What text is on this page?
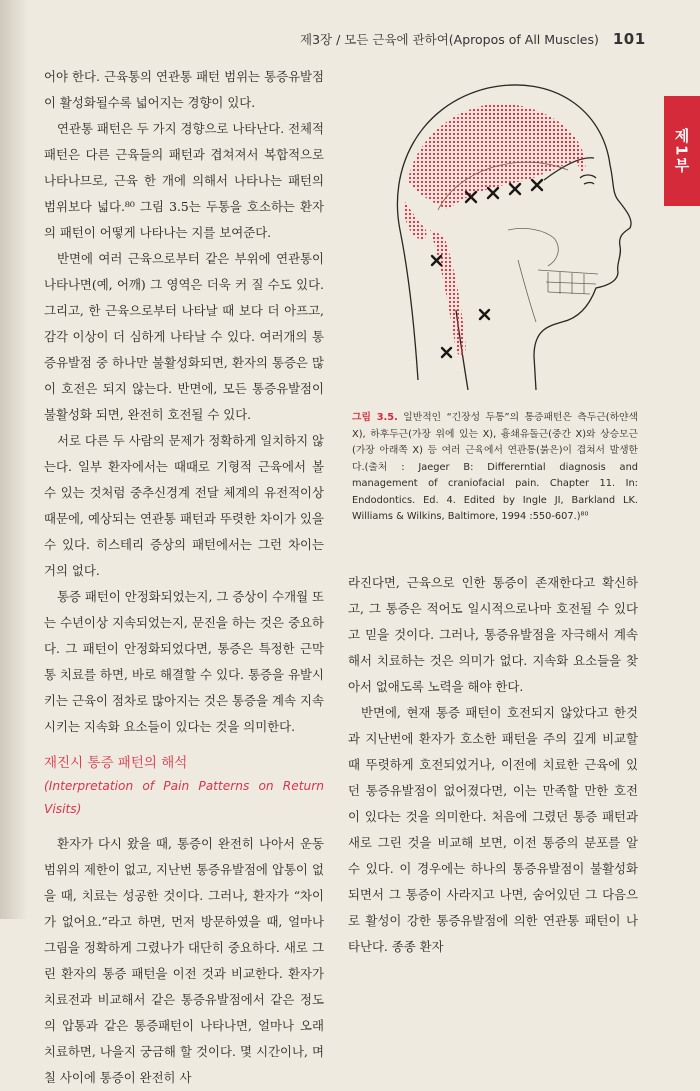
제3장 / 모든 근육에 관하여(Apropos of All Muscles) 101
제1부

어야 한다. 근육통의 연관통 패턴 범위는 통증유발점이 활성화될수록 넓어지는 경향이 있다.

연관통 패턴은 두 가지 경향으로 나타난다. 전체적 패턴은 다른 근육들의 패턴과 겹쳐져서 복합적으로 나타나므로, 근육 한 개에 의해서 나타나는 패턴의 범위보다 넓다.⁸⁰ 그림 3.5는 두통을 호소하는 환자의 패턴이 어떻게 나타나는 지를 보여준다.

반면에 여러 근육으로부터 같은 부위에 연관통이 나타나면(예, 어깨) 그 영역은 더욱 커 질 수도 있다. 그리고, 한 근육으로부터 나타날 때 보다 더 아프고, 감각 이상이 더 심하게 나타날 수 있다. 여러개의 통증유발점 중 하나만 불활성화되면, 환자의 통증은 많이 호전은 되지 않는다. 반면에, 모든 통증유발점이 불활성화 되면, 완전히 호전될 수 있다.

서로 다른 두 사람의 문제가 정확하게 일치하지 않는다. 일부 환자에서는 때때로 기형적 근육에서 볼 수 있는 것처럼 중추신경계 전달 체계의 유전적이상 때문에, 예상되는 연관통 패턴과 뚜렷한 차이가 있을 수 있다. 히스테리 증상의 패턴에서는 그런 차이는 거의 없다.

통증 패턴이 안정화되었는지, 그 증상이 수개월 또는 수년이상 지속되었는지, 문진을 하는 것은 중요하다. 그 패턴이 안정화되었다면, 통증은 특정한 근막통 치료를 하면, 바로 해결할 수 있다. 통증을 유발시키는 근육이 점차로 많아지는 것은 통증을 계속 지속시키는 지속화 요소들이 있다는 것을 의미한다.

재진시 통증 패턴의 해석
(Interpretation of Pain Patterns on Return Visits)

환자가 다시 왔을 때, 통증이 완전히 나아서 운동범위의 제한이 없고, 지난번 통증유발점에 압통이 없을 때, 치료는 성공한 것이다. 그러나, 환자가 “차이가 없어요.”라고 하면, 먼저 방문하였을 때, 얼마나 그림을 정확하게 그렸나가 대단히 중요하다. 새로 그린 환자의 통증 패턴을 이전 것과 비교한다. 환자가 치료전과 비교해서 같은 통증유발점에서 같은 정도의 압통과 같은 통증패턴이 나타나면, 얼마나 오래 치료하면, 나을지 궁금해 할 것이다. 몇 시간이나, 며칠 사이에 통증이 완전히 사

그림 3.5. 일반적인 “긴장성 두통”의 통증패턴은 측두근(하얀색 X), 하후두근(가장 위에 있는 X), 흉쇄유돌근(중간 X)와 상승모근(가장 아래쪽 X) 등 여러 근육에서 연관통(붉은)이 겹쳐서 발생한다.(출처 : Jaeger B: Differerntial diagnosis and management of craniofacial pain. Chapter 11. In: Endodontics. Ed. 4. Edited by Ingle JI, Barkland LK. Williams & Wilkins, Baltimore, 1994 :550-607.)⁸⁰

라진다면, 근육으로 인한 통증이 존재한다고 확신하고, 그 통증은 적어도 일시적으로나마 호전될 수 있다고 믿을 것이다. 그러나, 통증유발점을 자극해서 계속해서 치료하는 것은 의미가 없다. 지속화 요소들을 찾아서 없애도록 노력을 해야 한다.

반면에, 현재 통증 패턴이 호전되지 않았다고 한것과 지난번에 환자가 호소한 패턴을 주의 깊게 비교할 때 뚜렷하게 호전되었거나, 이전에 치료한 근육에 있던 통증유발점이 없어졌다면, 이는 만족할 만한 호전이 있다는 것을 의미한다. 처음에 그렸던 통증 패턴과 새로 그린 것을 비교해 보면, 이전 통증의 분포를 알 수 있다. 이 경우에는 하나의 통증유발점이 불활성화 되면서 그 통증이 사라지고 나면, 숨어있던 그 다음으로 활성이 강한 통증유발점에 의한 연관통 패턴이 나타난다. 종종 환자
